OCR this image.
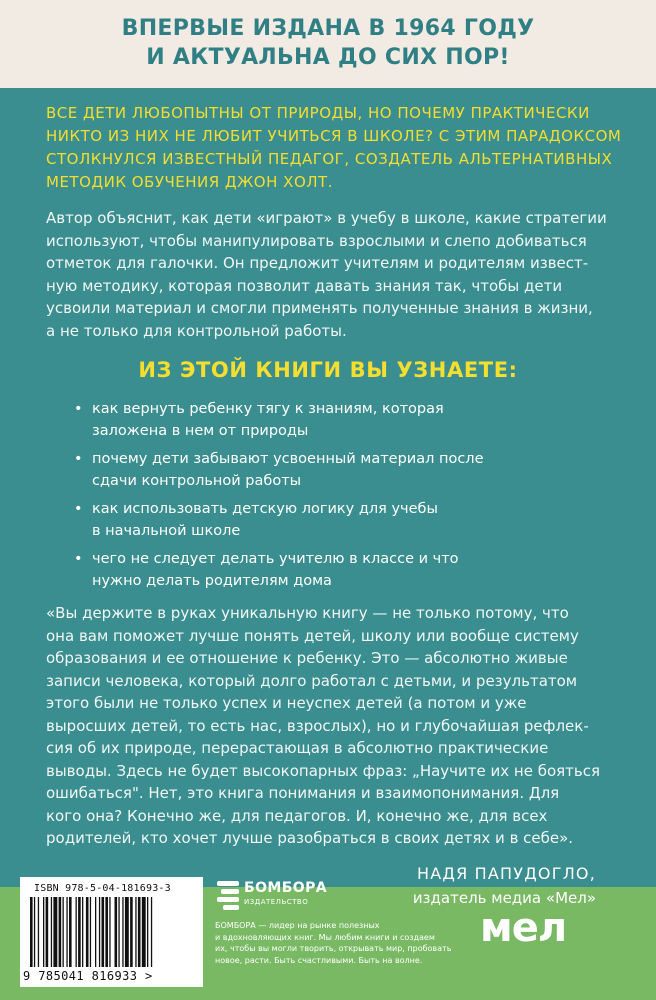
ВПЕРВЫЕ ИЗДАНА В 1964 ГОДУ
И АКТУАЛЬНА ДО СИХ ПОР!
ВСЕ ДЕТИ ЛЮБОПЫТНЫ ОТ ПРИРОДЫ, НО ПОЧЕМУ ПРАКТИЧЕСКИ
НИКТО ИЗ НИХ НЕ ЛЮБИТ УЧИТЬСЯ В ШКОЛЕ? С ЭТИМ ПАРАДОКСОМ
СТОЛКНУЛСЯ ИЗВЕСТНЫЙ ПЕДАГОГ, СОЗДАТЕЛЬ АЛЬТЕРНАТИВНЫХ
МЕТОДИК ОБУЧЕНИЯ ДЖОН ХОЛТ.
Автор объяснит, как дети «играют» в учебу в школе, какие стратегии
используют, чтобы манипулировать взрослыми и слепо добиваться
отметок для галочки. Он предложит учителям и родителям извест-
ную методику, которая позволит давать знания так, чтобы дети
усвоили материал и смогли применять полученные знания в жизни,
а не только для контрольной работы.
ИЗ ЭТОЙ КНИГИ ВЫ УЗНАЕТЕ:
• как вернуть ребенку тягу к знаниям, которая
заложена в нем от природы
• почему дети забывают усвоенный материал после
сдачи контрольной работы
• как использовать детскую логику для учебы
в начальной школе
• чего не следует делать учителю в классе и что
нужно делать родителям дома
«Вы держите в руках уникальную книгу — не только потому, что
она вам поможет лучше понять детей, школу или вообще систему
образования и ее отношение к ребенку. Это — абсолютно живые
записи человека, который долго работал с детьми, и результатом
этого были не только успех и неуспех детей (а потом и уже
выросших детей, то есть нас, взрослых), но и глубочайшая рефлек-
сия об их природе, перерастающая в абсолютно практические
выводы. Здесь не будет высокопарных фраз: „Научите их не бояться
ошибаться". Нет, это книга понимания и взаимопонимания. Для
кого она? Конечно же, для педагогов. И, конечно же, для всех
родителей, кто хочет лучше разобраться в своих детях и в себе».
НАДЯ ПАПУДОГЛО,
издатель медиа «Мел»
мел
ISBN 978-5-04-181693-3
9 785041 816933 >
БОМБОРА
ИЗДАТЕЛЬСТВО
БОМБОРА — лидер на рынке полезных
и вдохновляющих книг. Мы любим книги и создаем
их, чтобы вы могли творить, открывать мир, пробовать
новое, расти. Быть счастливыми. Быть на волне.
